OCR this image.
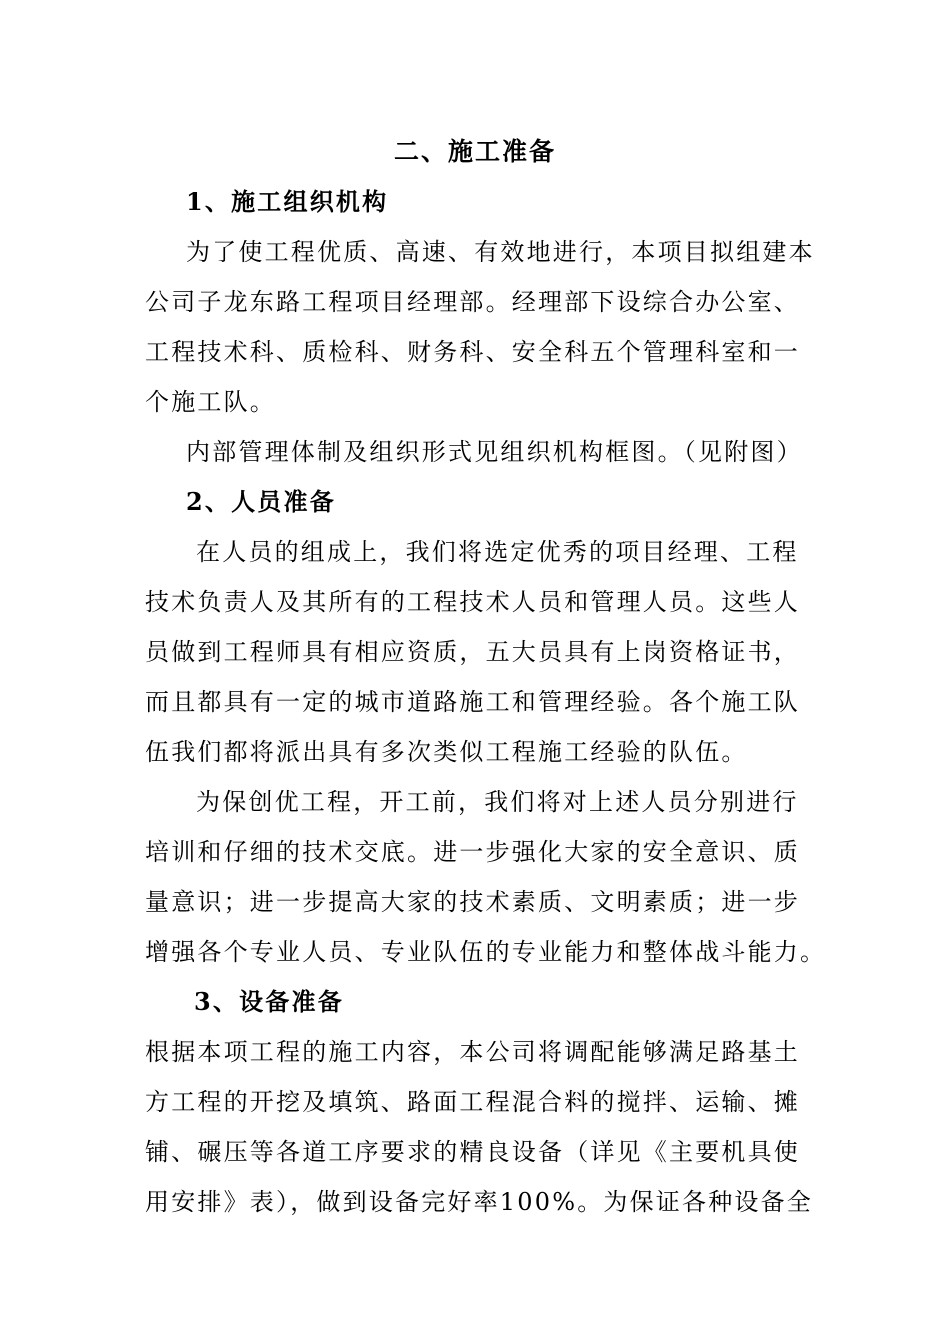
二、施工准备
1、施工组织机构
为了使工程优质、高速、有效地进行，本项目拟组建本
公司子龙东路工程项目经理部。经理部下设综合办公室、
工程技术科、质检科、财务科、安全科五个管理科室和一
个施工队。
内部管理体制及组织形式见组织机构框图。（见附图）
2、人员准备
在人员的组成上，我们将选定优秀的项目经理、工程
技术负责人及其所有的工程技术人员和管理人员。这些人
员做到工程师具有相应资质，五大员具有上岗资格证书，
而且都具有一定的城市道路施工和管理经验。各个施工队
伍我们都将派出具有多次类似工程施工经验的队伍。
为保创优工程，开工前，我们将对上述人员分别进行
培训和仔细的技术交底。进一步强化大家的安全意识、质
量意识；进一步提高大家的技术素质、文明素质；进一步
增强各个专业人员、专业队伍的专业能力和整体战斗能力。
3、设备准备
根据本项工程的施工内容，本公司将调配能够满足路基土
方工程的开挖及填筑、路面工程混合料的搅拌、运输、摊
铺、碾压等各道工序要求的精良设备（详见《主要机具使
用安排》表），做到设备完好率100%。为保证各种设备全
